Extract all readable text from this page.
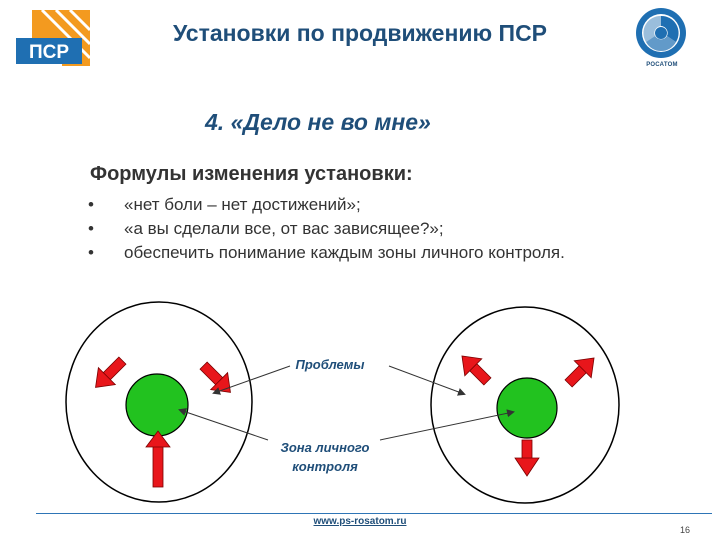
ПСР
Установки по продвижению ПСР
РОСАТОМ
4. «Дело не во мне»
Формулы изменения установки:
•	«нет боли – нет достижений»;
•	«а вы сделали все, от вас зависящее?»;
•	обеспечить понимание каждым зоны личного контроля.
Проблемы
Зона личного
контроля
www.ps-rosatom.ru
16
